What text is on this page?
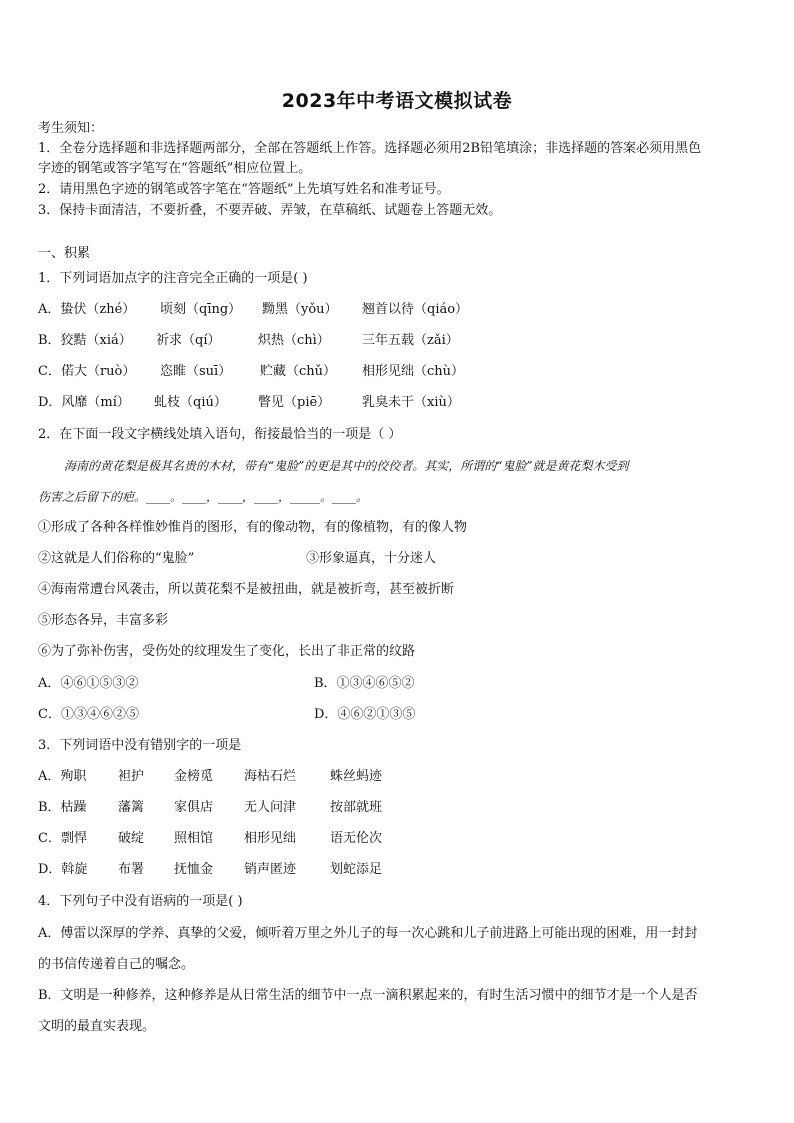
2023年中考语文模拟试卷
考生须知：
1．全卷分选择题和非选择题两部分，全部在答题纸上作答。选择题必须用2B铅笔填涂；非选择题的答案必须用黑色
字迹的钢笔或答字笔写在“答题纸”相应位置上。
2．请用黑色字迹的钢笔或答字笔在“答题纸”上先填写姓名和准考证号。
3．保持卡面清洁，不要折叠，不要弄破、弄皱，在草稿纸、试题卷上答题无效。
一、积累
1．下列词语加点字的注音完全正确的一项是( )
A．蛰伏（zhé） 顷刻（qīng） 黝黑（yǒu） 翘首以待（qiáo）
B．狡黠（xiá） 祈求（qí）	炽热（chì） 三年五载（zǎi）
C．偌大（ruò） 恣睢（suī） 贮藏（chǔ） 相形见绌（chù）
D．风靡（mí） 虬枝（qiú） 瞥见（piē） 乳臭未干（xiù）
2．在下面一段文字横线处填入语句，衔接最恰当的一项是（ ）
海南的黄花梨是极其名贵的木材，带有“鬼脸”的更是其中的佼佼者。其实，所谓的“鬼脸”就是黄花梨木受到
伤害之后留下的疤。____。____，____，____，_____。____。
①形成了各种各样惟妙惟肖的图形，有的像动物，有的像植物，有的像人物
②这就是人们俗称的“鬼脸”	③形象逼真，十分迷人
④海南常遭台风袭击，所以黄花梨不是被扭曲，就是被折弯，甚至被折断
⑤形态各异，丰富多彩
⑥为了弥补伤害，受伤处的纹理发生了变化，长出了非正常的纹路
A．④⑥①⑤③②	B．①③④⑥⑤②
C．①③④⑥②⑤	D．④⑥②①③⑤
3．下列词语中没有错别字的一项是
A．殉职 袒护 金榜觅 海枯石烂	蛛丝蚂迹
B．枯躁 藩篱 家俱店 无人问津	按部就班
C．剽悍 破绽 照相馆 相形见绌	语无伦次
D．斡旋 布署 抚恤金 销声匿迹	划蛇添足
4．下列句子中没有语病的一项是( )
A．傅雷以深厚的学养、真挚的父爱，倾听着万里之外儿子的每一次心跳和儿子前进路上可能出现的困难，用一封封
的书信传递着自己的嘱念。
B．文明是一种修养，这种修养是从日常生活的细节中一点一滴积累起来的，有时生活习惯中的细节才是一个人是否
文明的最直实表现。
